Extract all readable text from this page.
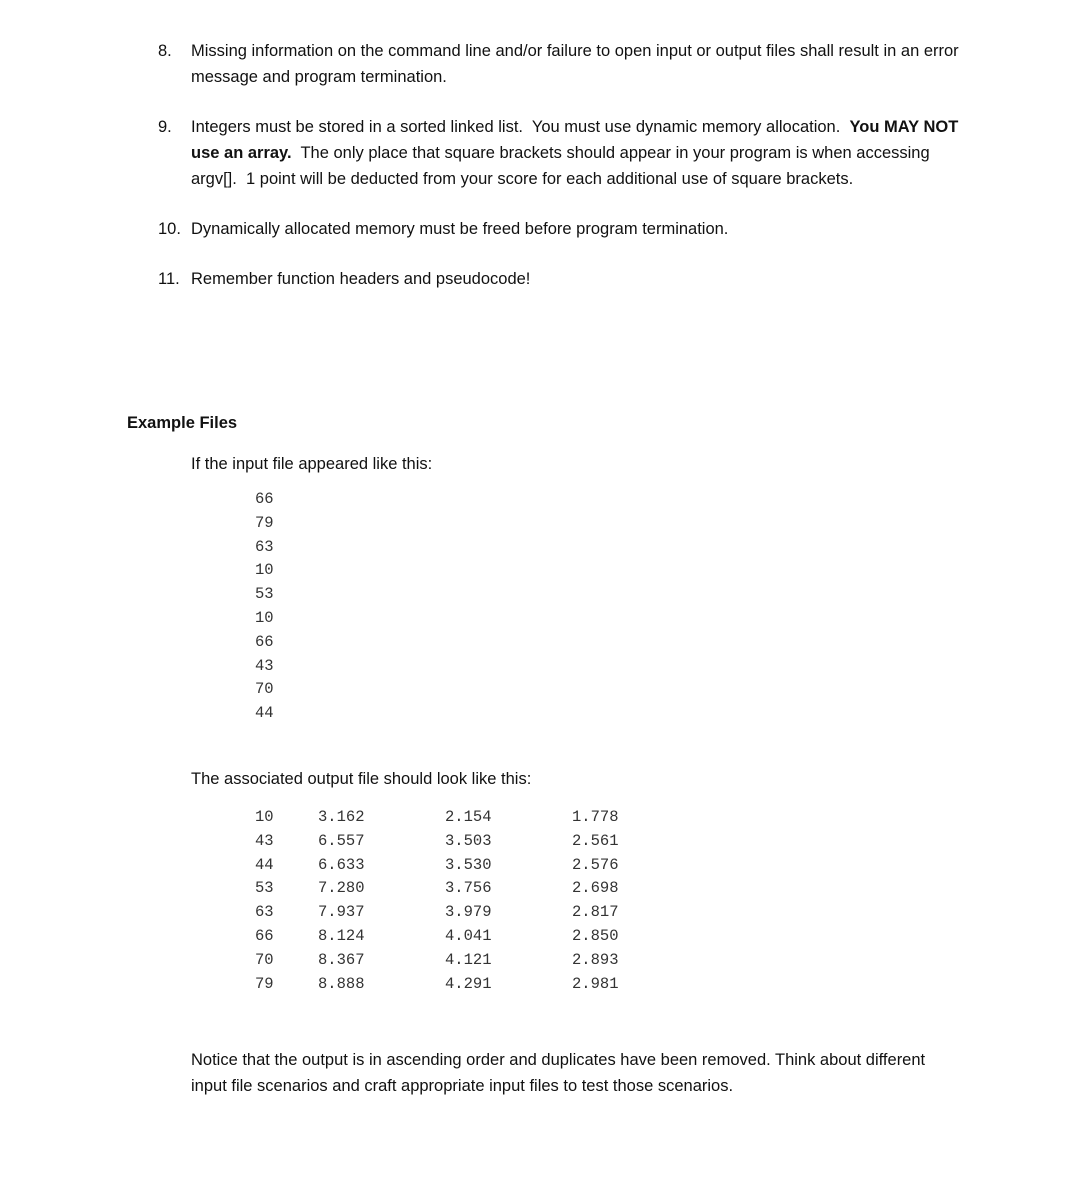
8.	Missing information on the command line and/or failure to open input or output files shall result in an error message and program termination.
9.	Integers must be stored in a sorted linked list.  You must use dynamic memory allocation.  You MAY NOT use an array.  The only place that square brackets should appear in your program is when accessing argv[].  1 point will be deducted from your score for each additional use of square brackets.
10. Dynamically allocated memory must be freed before program termination.
11. Remember function headers and pseudocode!
Example Files
If the input file appeared like this:
66
79
63
10
53
10
66
43
70
44
The associated output file should look like this:
10	3.162	2.154	1.778
43	6.557	3.503	2.561
44	6.633	3.530	2.576
53	7.280	3.756	2.698
63	7.937	3.979	2.817
66	8.124	4.041	2.850
70	8.367	4.121	2.893
79	8.888	4.291	2.981
Notice that the output is in ascending order and duplicates have been removed. Think about different input file scenarios and craft appropriate input files to test those scenarios.
